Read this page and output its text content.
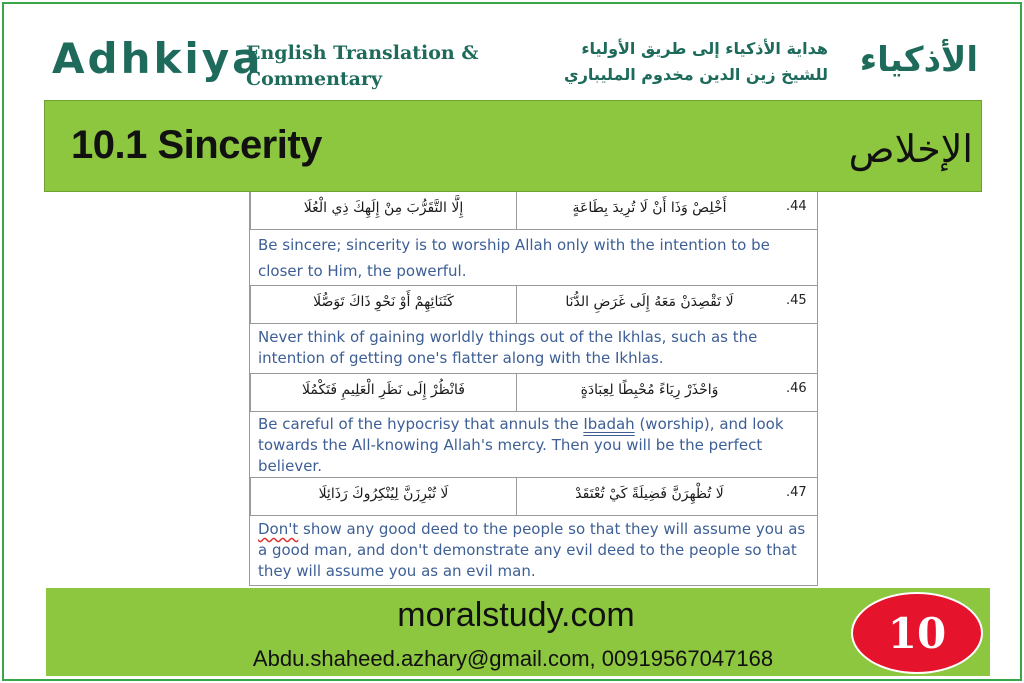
Adhkiya
English Translation &
Commentary
هداية الأذكياء إلى طريق الأولياء
للشيخ زين الدين مخدوم المليباري الأذكياء
10.1 Sincerity	الإخلاص
إِلَّا التَّقَرُّبَ مِنْ إِلَهِكَ ذِي الْعُلَا	أَخْلِصْ وَذَا أَنْ لَا تُرِيدَ بِطَاعَةٍ	.44
Be sincere; sincerity is to worship Allah only with the intention to be closer to Him, the powerful.
كَثَنَائِهِمْ أَوْ نَحْوِ ذَاكَ تَوَصُّلَا	لَا تَقْصِدَنْ مَعَهُ إِلَى غَرَضِ الدُّنَا	.45
Never think of gaining worldly things out of the Ikhlas, such as the intention of getting one's flatter along with the Ikhlas.
فَانْظُرْ إِلَى نَظَرِ الْعَلِيمِ فَتَكْمُلَا	وَاحْذَرْ رِيَاءً مُحْبِطًا لِعِبَادَةٍ	.46
Be careful of the hypocrisy that annuls the Ibadah (worship), and look towards the All-knowing Allah's mercy. Then you will be the perfect believer.
لَا تُبْرِزَنَّ لِيُنْكِرُوكَ رَذَائِلَا	لَا تُظْهِرَنَّ فَضِيلَةً كَيْ تُعْتَقَدْ	.47
Don't show any good deed to the people so that they will assume you as a good man, and don't demonstrate any evil deed to the people so that they will assume you as an evil man.
moralstudy.com
Abdu.shaheed.azhary@gmail.com, 00919567047168
10
